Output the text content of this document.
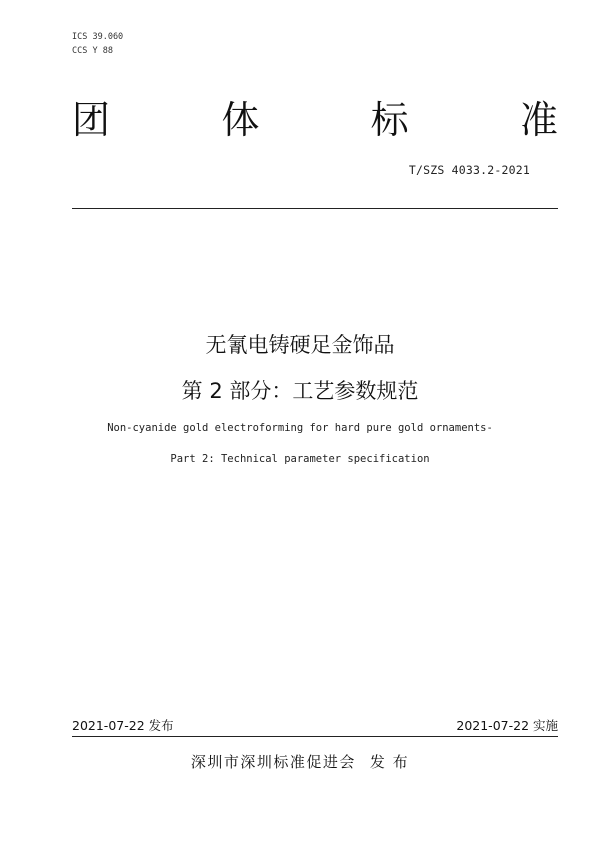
ICS 39.060
CCS Y 88
团	体	标	准
T/SZS 4033.2-2021
无氰电铸硬足金饰品
第 2 部分：工艺参数规范
Non-cyanide gold electroforming for hard pure gold ornaments-
Part 2: Technical parameter specification
2021-07-22 发布	2021-07-22 实施
深圳市深圳标准促进会 发 布
